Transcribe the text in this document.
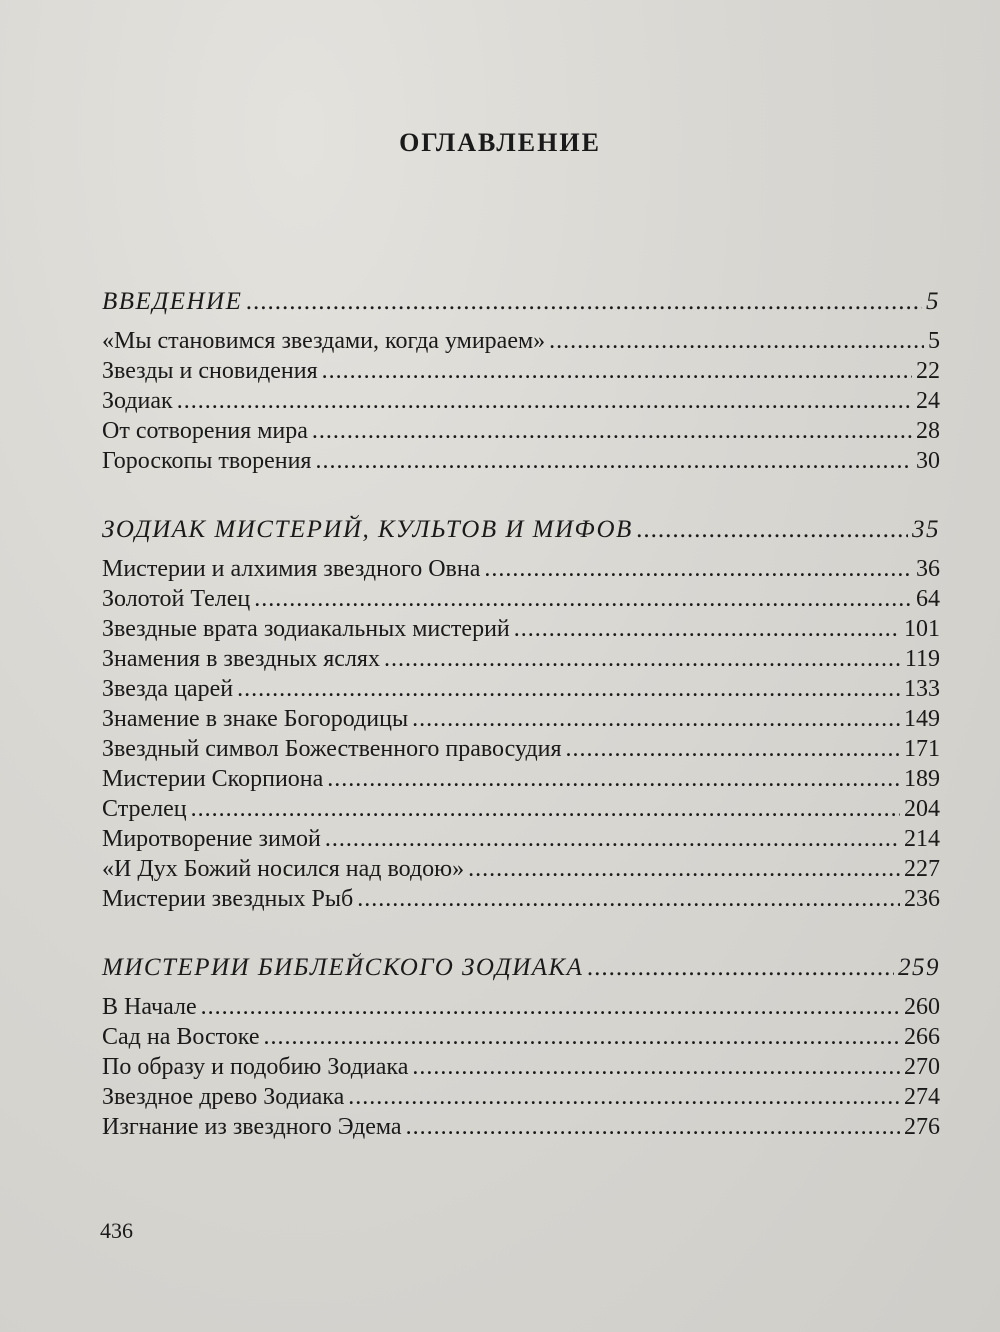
ОГЛАВЛЕНИЕ
ВВЕДЕНИЕ .....	5
«Мы становимся звездами, когда умираем» .....	5
Звезды и сновидения .....	22
Зодиак .....	24
От сотворения мира .....	28
Гороскопы творения .....	30
ЗОДИАК МИСТЕРИЙ, КУЛЬТОВ И МИФОВ .....	35
Мистерии и алхимия звездного Овна .....	36
Золотой Телец .....	64
Звездные врата зодиакальных мистерий .....	101
Знамения в звездных яслях .....	119
Звезда царей .....	133
Знамение в знаке Богородицы .....	149
Звездный символ Божественного правосудия .....	171
Мистерии Скорпиона .....	189
Стрелец .....	204
Миротворение зимой .....	214
«И Дух Божий носился над водою» .....	227
Мистерии звездных Рыб .....	236
МИСТЕРИИ БИБЛЕЙСКОГО ЗОДИАКА .....	259
В Начале .....	260
Сад на Востоке .....	266
По образу и подобию Зодиака .....	270
Звездное древо Зодиака .....	274
Изгнание из звездного Эдема .....	276
436
